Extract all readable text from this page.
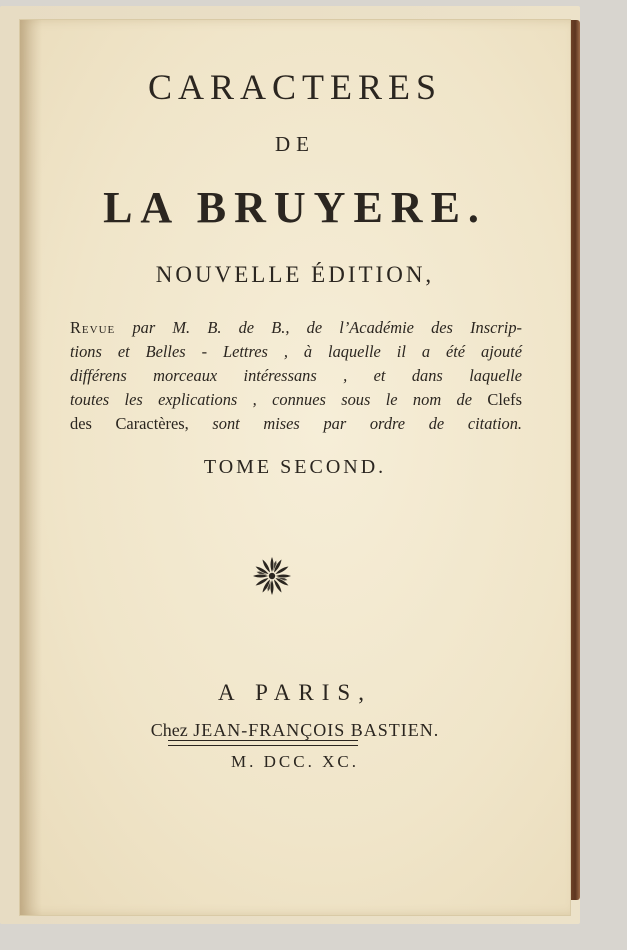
CARACTERES
DE
LA BRUYERE.
NOUVELLE ÉDITION,
Revue par M. B. de B., de l’Académie des Inscrip-
tions et Belles - Lettres , à laquelle il a été ajouté
différens morceaux intéressans , et dans laquelle
toutes les explications , connues sous le nom de Clefs
des Caractères, sont mises par ordre de citation.
TOME SECOND.
A PARIS,
Chez JEAN-FRANÇOIS BASTIEN.
M. DCC. XC.
